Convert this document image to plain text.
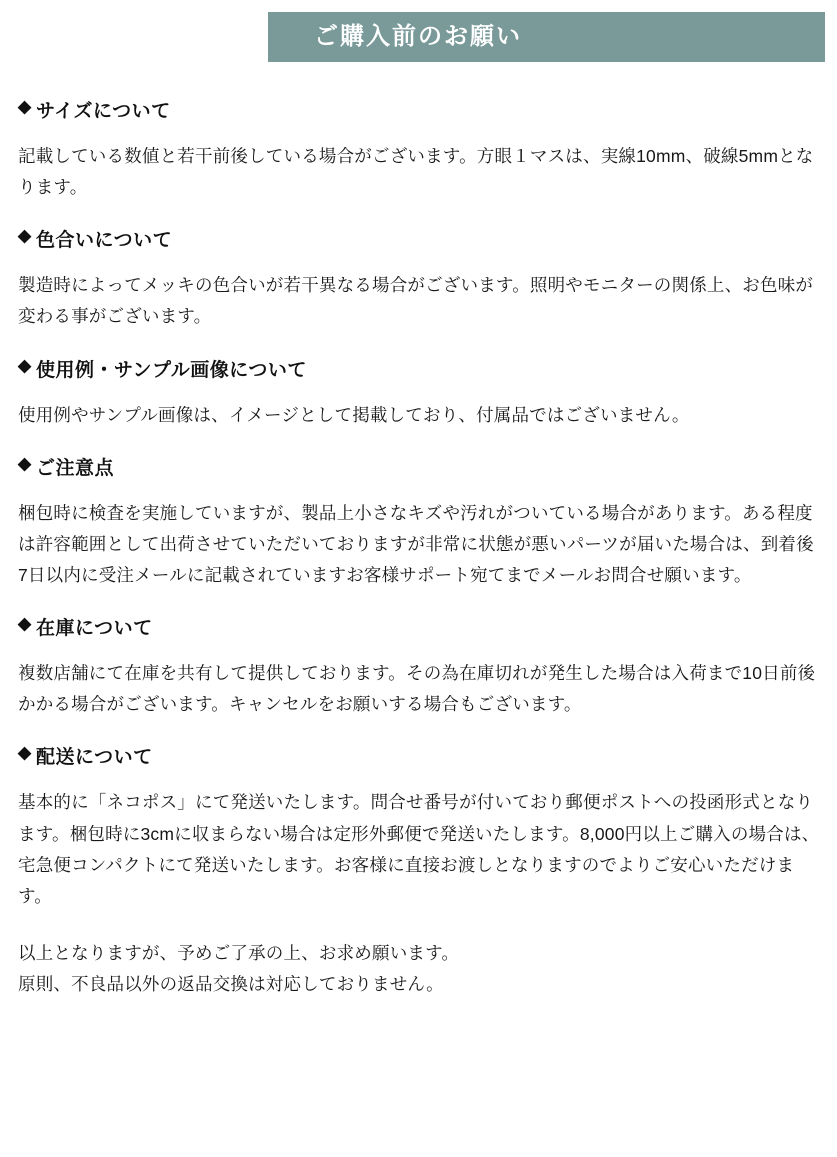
ご購入前のお願い
◆ サイズについて

記載している数値と若干前後している場合がございます。方眼１マスは、実線10mm、破線5mmとなります。

◆ 色合いについて

製造時によってメッキの色合いが若干異なる場合がございます。照明やモニターの関係上、お色味が変わる事がございます。

◆ 使用例・サンプル画像について

使用例やサンプル画像は、イメージとして掲載しており、付属品ではございません。

◆ ご注意点

梱包時に検査を実施していますが、製品上小さなキズや汚れがついている場合があります。ある程度は許容範囲として出荷させていただいておりますが非常に状態が悪いパーツが届いた場合は、到着後7日以内に受注メールに記載されていますお客様サポート宛てまでメールお問合せ願います。

◆ 在庫について

複数店舗にて在庫を共有して提供しております。その為在庫切れが発生した場合は入荷まで10日前後かかる場合がございます。キャンセルをお願いする場合もございます。

◆ 配送について

基本的に「ネコポス」にて発送いたします。問合せ番号が付いており郵便ポストへの投函形式となります。梱包時に3cmに収まらない場合は定形外郵便で発送いたします。8,000円以上ご購入の場合は、宅急便コンパクトにて発送いたします。お客様に直接お渡しとなりますのでよりご安心いただけます。

以上となりますが、予めご了承の上、お求め願います。
原則、不良品以外の返品交換は対応しておりません。
